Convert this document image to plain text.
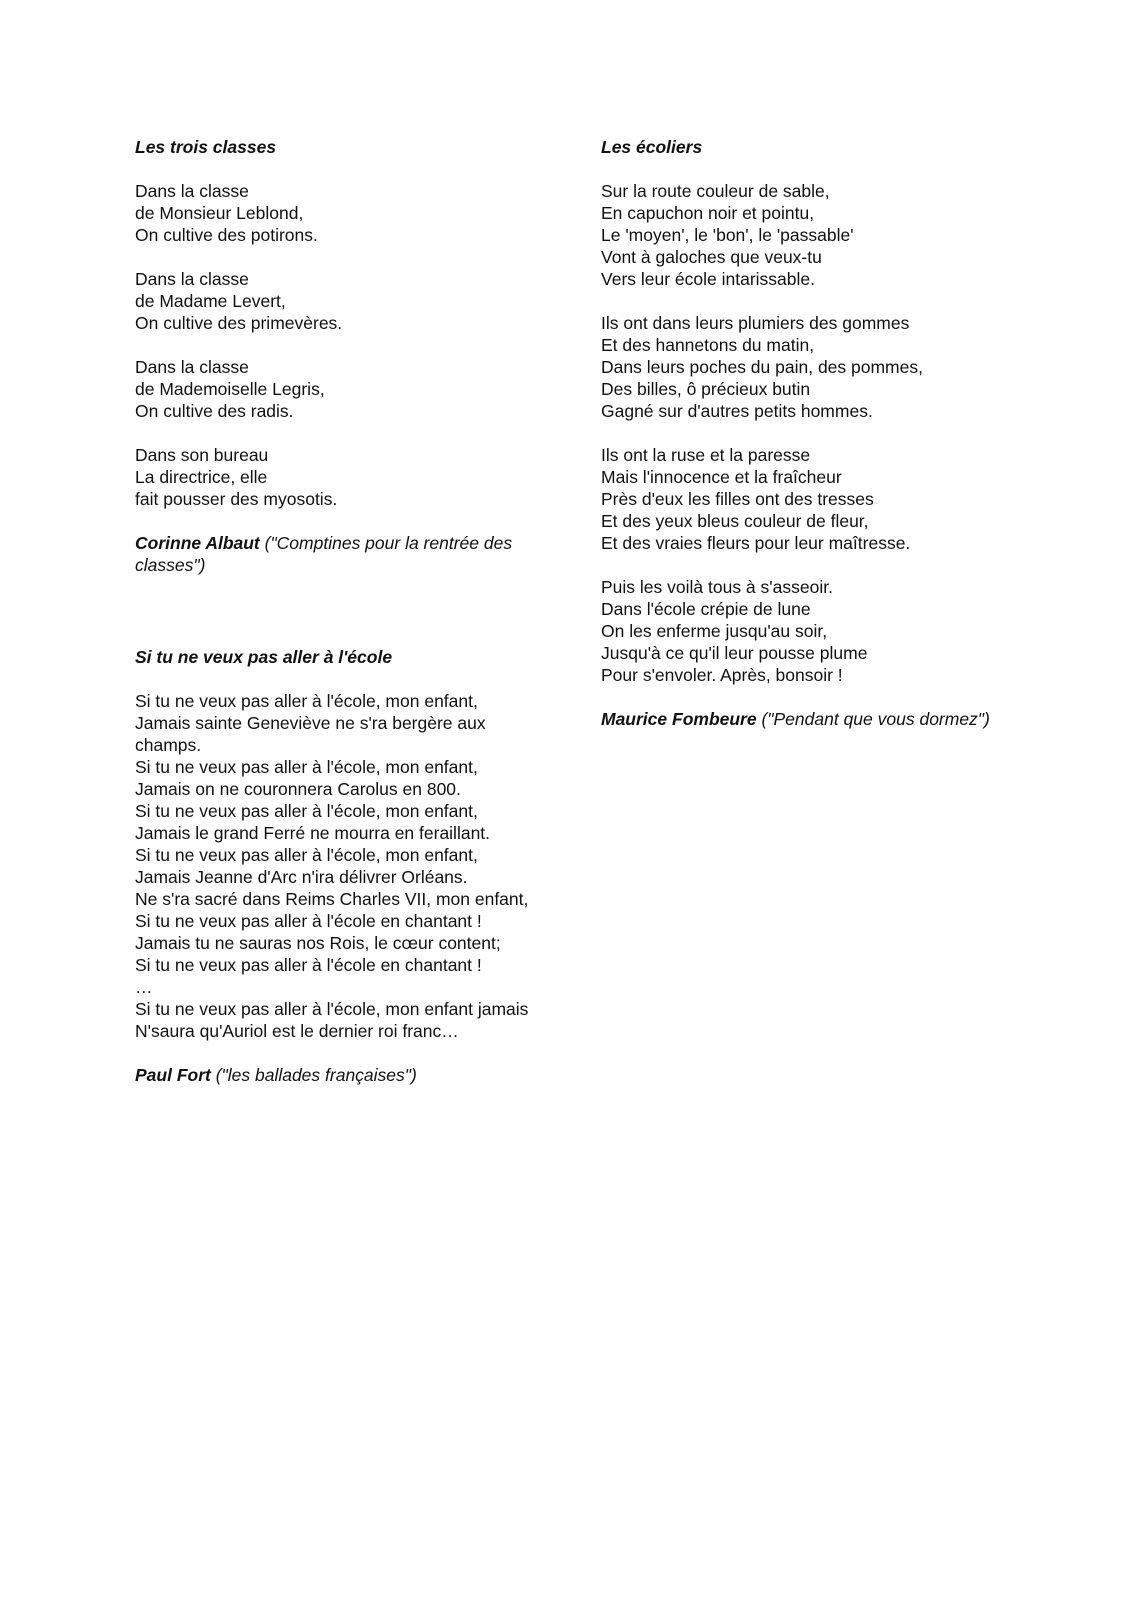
Les trois classes
Dans la classe
de Monsieur Leblond,
On cultive des potirons.
Dans la classe
de Madame Levert,
On cultive des primevères.
Dans la classe
de Mademoiselle Legris,
On cultive des radis.
Dans son bureau
La directrice, elle
fait pousser des myosotis.

Corinne Albaut ("Comptines pour la rentrée des classes")

Si tu ne veux pas aller à l'école
Si tu ne veux pas aller à l'école, mon enfant,
Jamais sainte Geneviève ne s'ra bergère aux champs.
Si tu ne veux pas aller à l'école, mon enfant,
Jamais on ne couronnera Carolus en 800.
Si tu ne veux pas aller à l'école, mon enfant,
Jamais le grand Ferré ne mourra en feraillant.
Si tu ne veux pas aller à l'école, mon enfant,
Jamais Jeanne d'Arc n'ira délivrer Orléans.
Ne s'ra sacré dans Reims Charles VII, mon enfant,
Si tu ne veux pas aller à l'école en chantant !
Jamais tu ne sauras nos Rois, le cœur content;
Si tu ne veux pas aller à l'école en chantant !
…
Si tu ne veux pas aller à l'école, mon enfant jamais
N'saura qu'Auriol est le dernier roi franc…

Paul Fort ("les ballades françaises")

Les écoliers
Sur la route couleur de sable,
En capuchon noir et pointu,
Le 'moyen', le 'bon', le 'passable'
Vont à galoches que veux-tu
Vers leur école intarissable.
Ils ont dans leurs plumiers des gommes
Et des hannetons du matin,
Dans leurs poches du pain, des pommes,
Des billes, ô précieux butin
Gagné sur d'autres petits hommes.
Ils ont la ruse et la paresse
Mais l'innocence et la fraîcheur
Près d'eux les filles ont des tresses
Et des yeux bleus couleur de fleur,
Et des vraies fleurs pour leur maîtresse.
Puis les voilà tous à s'asseoir.
Dans l'école crépie de lune
On les enferme jusqu'au soir,
Jusqu'à ce qu'il leur pousse plume
Pour s'envoler. Après, bonsoir !

Maurice Fombeure ("Pendant que vous dormez")
